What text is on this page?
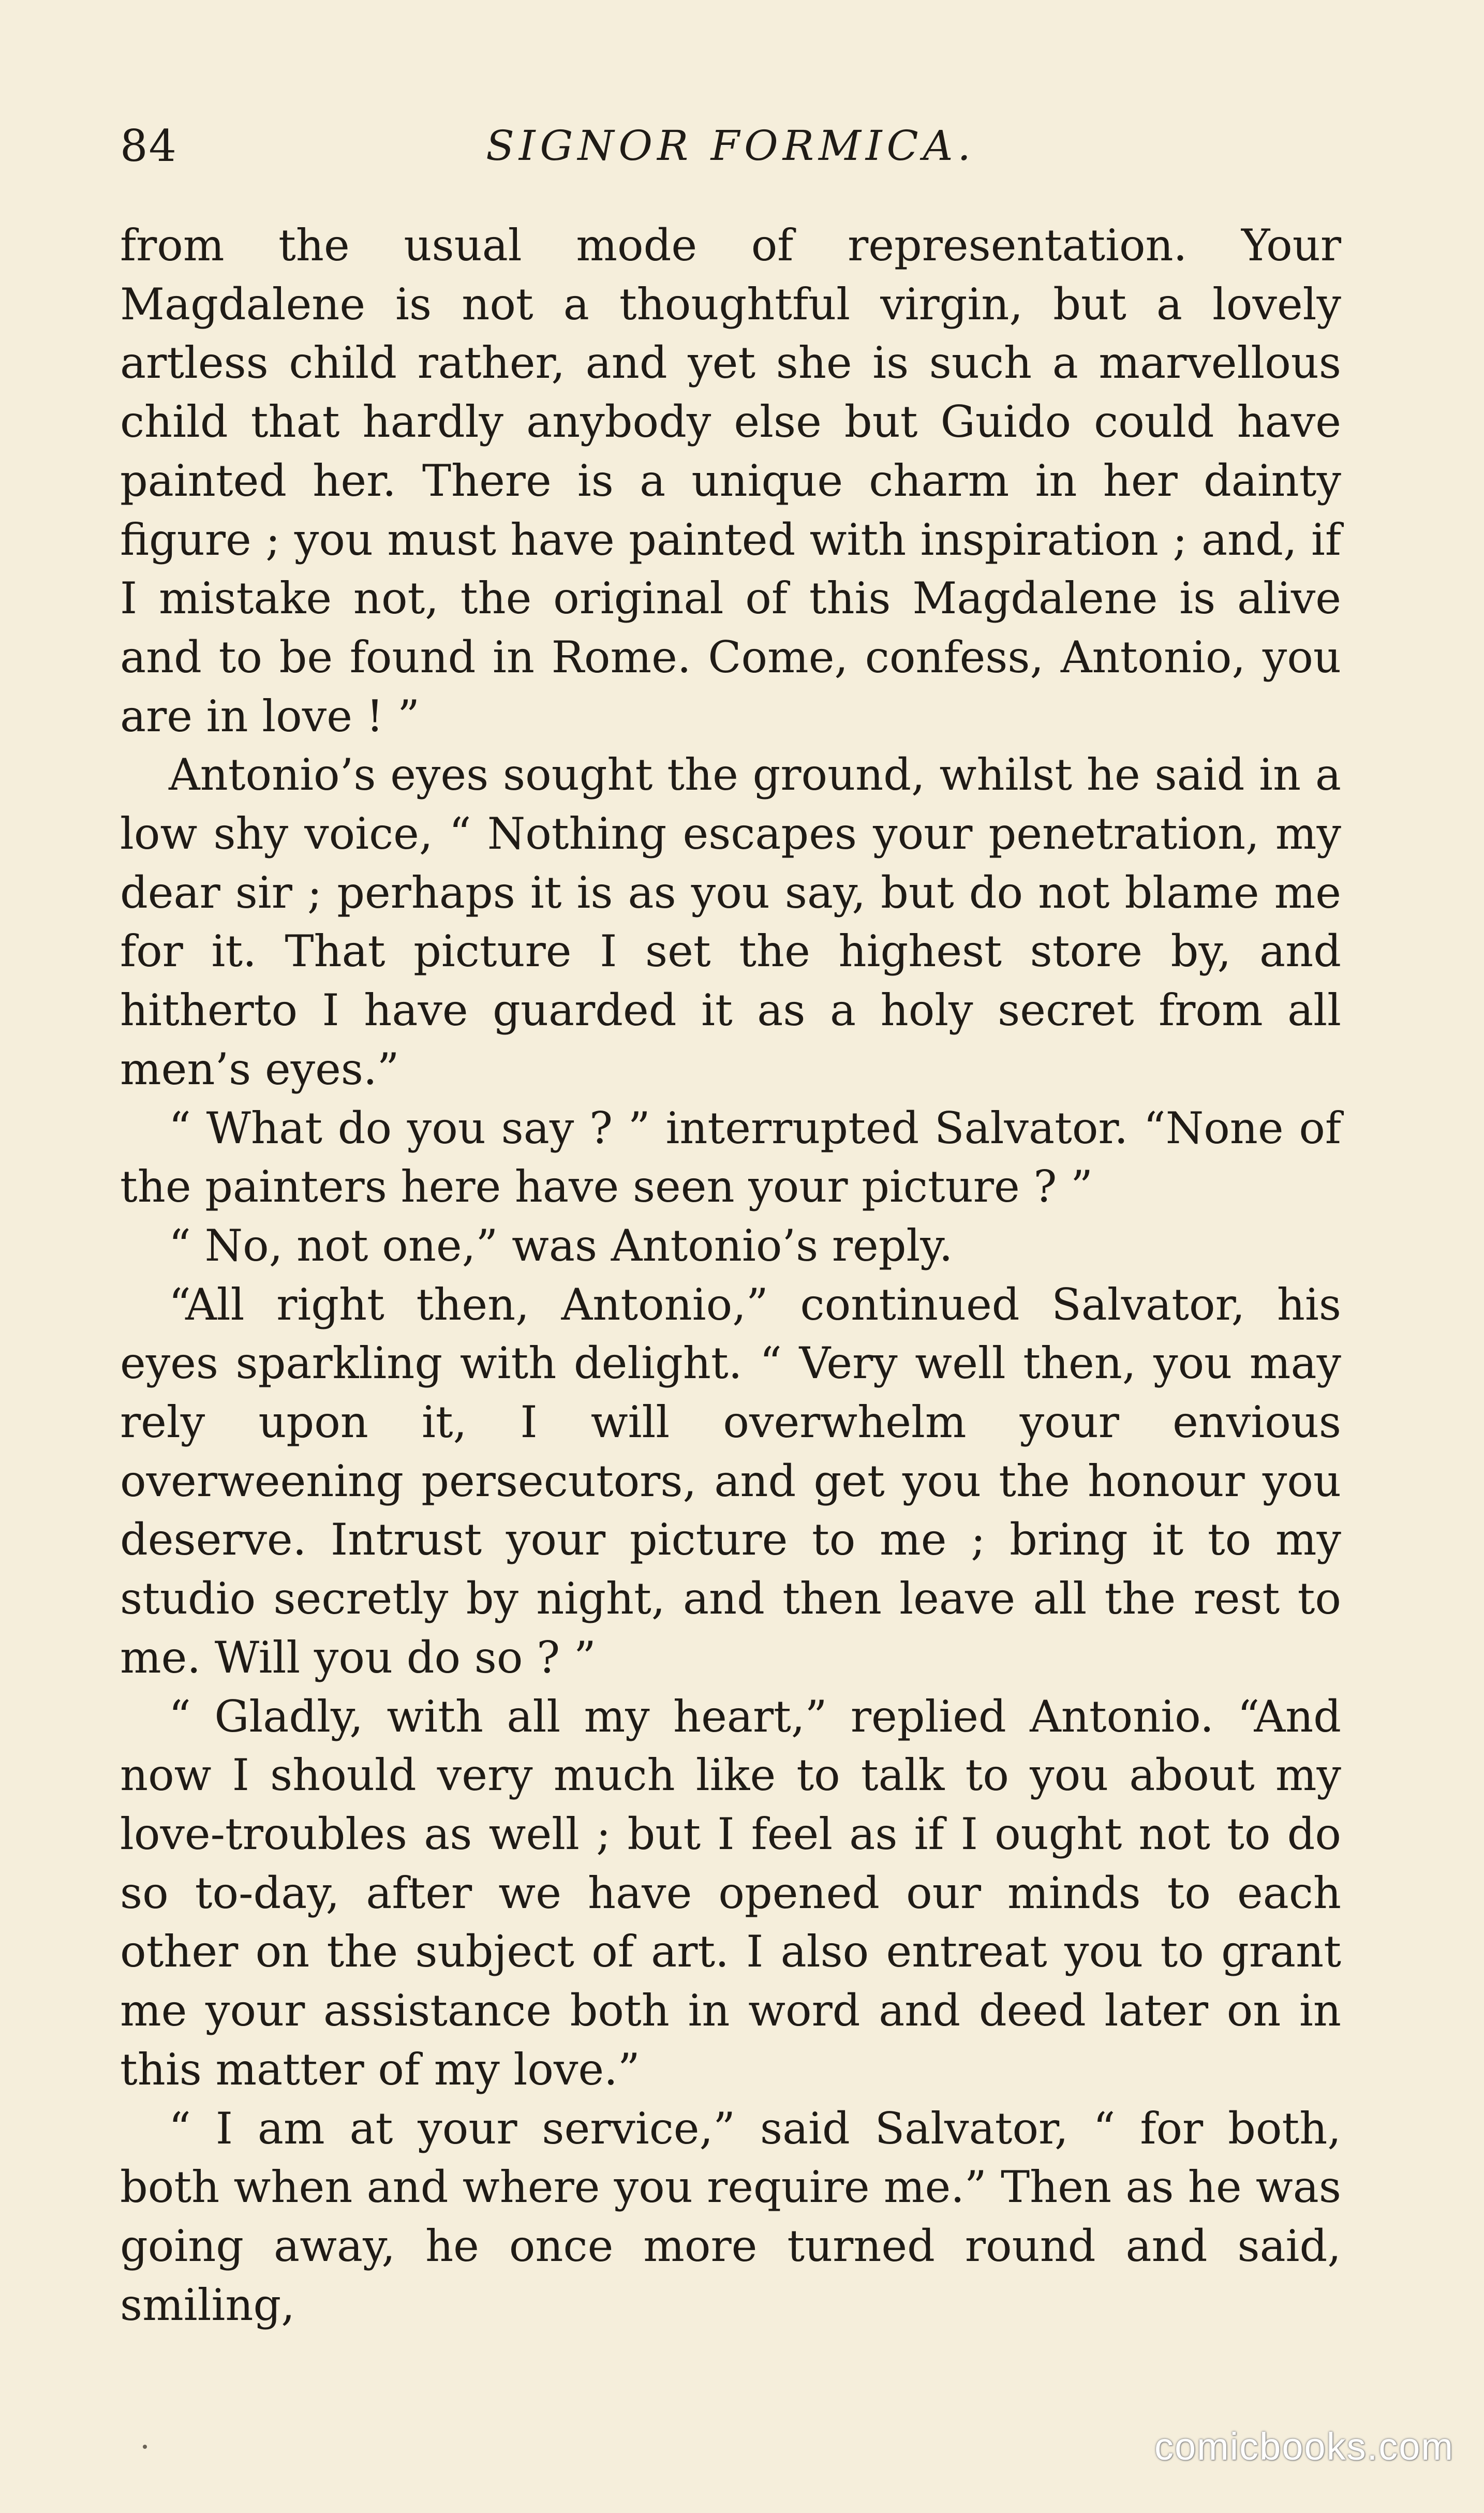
84	SIGNOR FORMICA.

from the usual mode of representation. Your Magdalene is not a thoughtful virgin, but a lovely artless child rather, and yet she is such a marvellous child that hardly anybody else but Guido could have painted her. There is a unique charm in her dainty figure ; you must have painted with inspiration ; and, if I mistake not, the original of this Magdalene is alive and to be found in Rome. Come, confess, Antonio, you are in love ! ”

Antonio’s eyes sought the ground, whilst he said in a low shy voice, “ Nothing escapes your penetration, my dear sir ; perhaps it is as you say, but do not blame me for it. That picture I set the highest store by, and hitherto I have guarded it as a holy secret from all men’s eyes.”

“ What do you say ? ” interrupted Salvator. “None of the painters here have seen your picture ? ”

“ No, not one,” was Antonio’s reply.

“All right then, Antonio,” continued Salvator, his eyes sparkling with delight. “ Very well then, you may rely upon it, I will overwhelm your envious overweening persecutors, and get you the honour you deserve. Intrust your picture to me ; bring it to my studio secretly by night, and then leave all the rest to me. Will you do so ? ”

“ Gladly, with all my heart,” replied Antonio. “And now I should very much like to talk to you about my love-troubles as well ; but I feel as if I ought not to do so to-day, after we have opened our minds to each other on the subject of art. I also entreat you to grant me your assistance both in word and deed later on in this matter of my love.”

“ I am at your service,” said Salvator, “ for both, both when and where you require me.” Then as he was going away, he once more turned round and said, smiling,

comicbooks.com
